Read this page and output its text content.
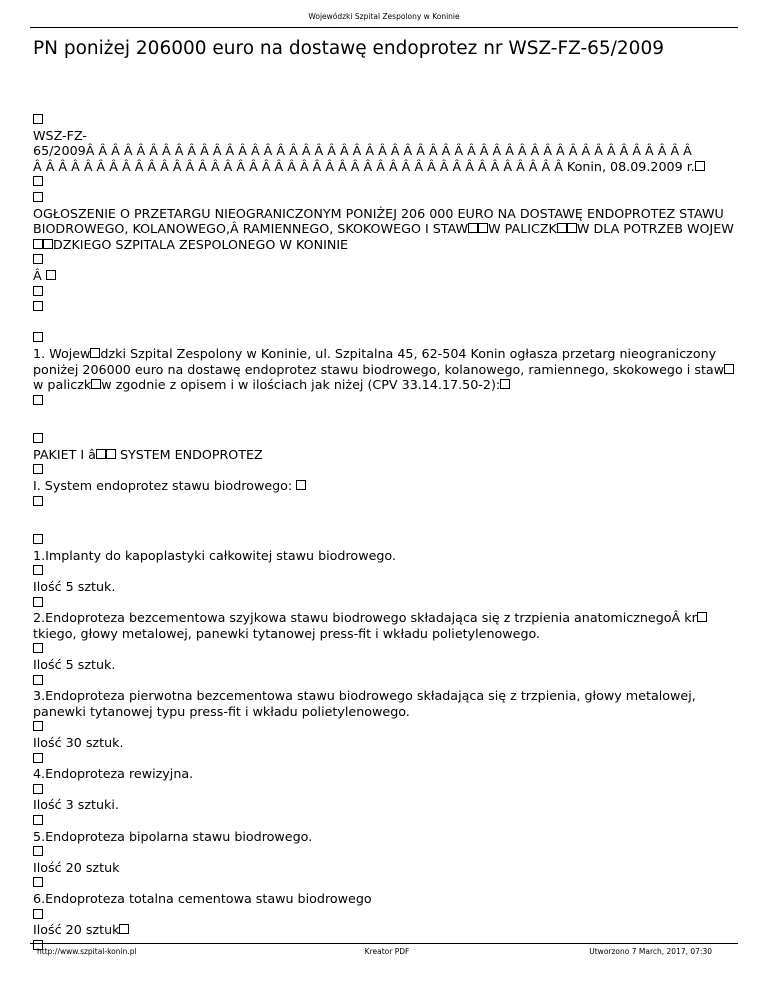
Wojewódzki Szpital Zespolony w Koninie
PN poniżej 206000 euro na dostawę endoprotez nr WSZ-FZ-65/2009

WSZ-FZ-

65/2009Â Â Â Â Â Â Â Â Â Â Â Â Â Â Â Â Â Â Â Â Â Â Â Â Â Â Â Â Â Â Â Â Â Â Â Â Â Â Â Â Â Â Â Â Â Â Â Â

Â Â Â Â Â Â Â Â Â Â Â Â Â Â Â Â Â Â Â Â Â Â Â Â Â Â Â Â Â Â Â Â Â Â Â Â Â Â Â Â Â Â Konin, 08.09.2009 r.

OGŁOSZENIE O PRZETARGU NIEOGRANICZONYM PONIŻEJ 206 000 EURO NA DOSTAWĘ ENDOPROTEZ STAWU BIODROWEGO, KOLANOWEGO,Â RAMIENNEGO, SKOKOWEGO I STAW W PALICZK W DLA POTRZEB WOJEWDZKIEGO SZPITALA ZESPOLONEGO W KONINIE

Â

1. Wojew dzki Szpital Zespolony w Koninie, ul. Szpitalna 45, 62-504 Konin ogłasza przetarg nieograniczony poniżej 206000 euro na dostawę endoprotez stawu biodrowego, kolanowego, ramiennego, skokowego i staww paliczk w zgodnie z opisem i w ilościach jak niżej (CPV 33.14.17.50-2):

PAKIET I â SYSTEM ENDOPROTEZ

I. System endoprotez stawu biodrowego:

1.Implanty do kapoplastyki całkowitej stawu biodrowego.

Ilość 5 sztuk.

2.Endoproteza bezcementowa szyjkowa stawu biodrowego składająca się z trzpienia anatomicznegoÂ krtkiego, głowy metalowej, panewki tytanowej press-fit i wkładu polietylenowego.

Ilość 5 sztuk.

3.Endoproteza pierwotna bezcementowa stawu biodrowego składająca się z trzpienia, głowy metalowej, panewki tytanowej typu press-fit i wkładu polietylenowego.

Ilość 30 sztuk.

4.Endoproteza rewizyjna.

Ilość 3 sztuki.

5.Endoproteza bipolarna stawu biodrowego.

Ilość 20 sztuk

6.Endoproteza totalna cementowa stawu biodrowego

Ilość 20 sztuk

http://www.szpital-konin.pl	Kreator PDF	Utworzono 7 March, 2017, 07:30
